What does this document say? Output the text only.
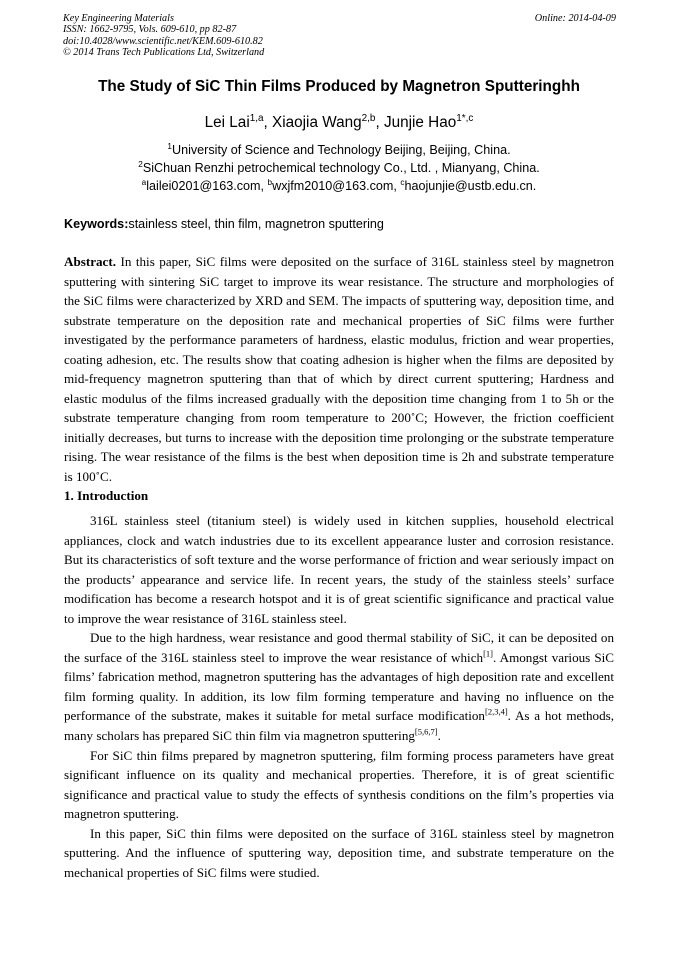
Key Engineering Materials
ISSN: 1662-9795, Vols. 609-610, pp 82-87
doi:10.4028/www.scientific.net/KEM.609-610.82
© 2014 Trans Tech Publications Ltd, Switzerland
Online: 2014-04-09
The Study of SiC Thin Films Produced by Magnetron Sputteringhh
Lei Lai$^{1,a}$, Xiaojia Wang$^{2,b}$, Junjie Hao$^{1*,c}$
$^1$University of Science and Technology Beijing, Beijing, China.
$^2$SiChuan Renzhi petrochemical technology Co., Ltd. , Mianyang, China.
$^a$lailei0201@163.com, $^b$wxjfm2010@163.com, $^c$haojunjie@ustb.edu.cn.
Keywords:stainless steel, thin film, magnetron sputtering

Abstract. In this paper, SiC films were deposited on the surface of 316L stainless steel by magnetron sputtering with sintering SiC target to improve its wear resistance. The structure and morphologies of the SiC films were characterized by XRD and SEM. The impacts of sputtering way, deposition time, and substrate temperature on the deposition rate and mechanical properties of SiC films were further investigated by the performance parameters of hardness, elastic modulus, friction and wear properties, coating adhesion, etc. The results show that coating adhesion is higher when the films are deposited by mid-frequency magnetron sputtering than that of which by direct current sputtering; Hardness and elastic modulus of the films increased gradually with the deposition time changing from 1 to 5h or the substrate temperature changing from room temperature to 200˚C; However, the friction coefficient initially decreases, but turns to increase with the deposition time prolonging or the substrate temperature rising. The wear resistance of the films is the best when deposition time is 2h and substrate temperature is 100˚C.

1. Introduction

316L stainless steel (titanium steel) is widely used in kitchen supplies, household electrical appliances, clock and watch industries due to its excellent appearance luster and corrosion resistance. But its characteristics of soft texture and the worse performance of friction and wear seriously impact on the products’ appearance and service life. In recent years, the study of the stainless steels’ surface modification has become a research hotspot and it is of great scientific significance and practical value to improve the wear resistance of 316L stainless steel.

Due to the high hardness, wear resistance and good thermal stability of SiC, it can be deposited on the surface of the 316L stainless steel to improve the wear resistance of which[1]. Amongst various SiC films’ fabrication method, magnetron sputtering has the advantages of high deposition rate and excellent film forming quality. In addition, its low film forming temperature and having no influence on the performance of the substrate, makes it suitable for metal surface modification[2,3,4]. As a hot methods, many scholars has prepared SiC thin film via magnetron sputtering[5,6,7].

For SiC thin films prepared by magnetron sputtering, film forming process parameters have great significant influence on its quality and mechanical properties. Therefore, it is of great scientific significance and practical value to study the effects of synthesis conditions on the film’s properties via magnetron sputtering.

In this paper, SiC thin films were deposited on the surface of 316L stainless steel by magnetron sputtering. And the influence of sputtering way, deposition time, and substrate temperature on the mechanical properties of SiC films were studied.
